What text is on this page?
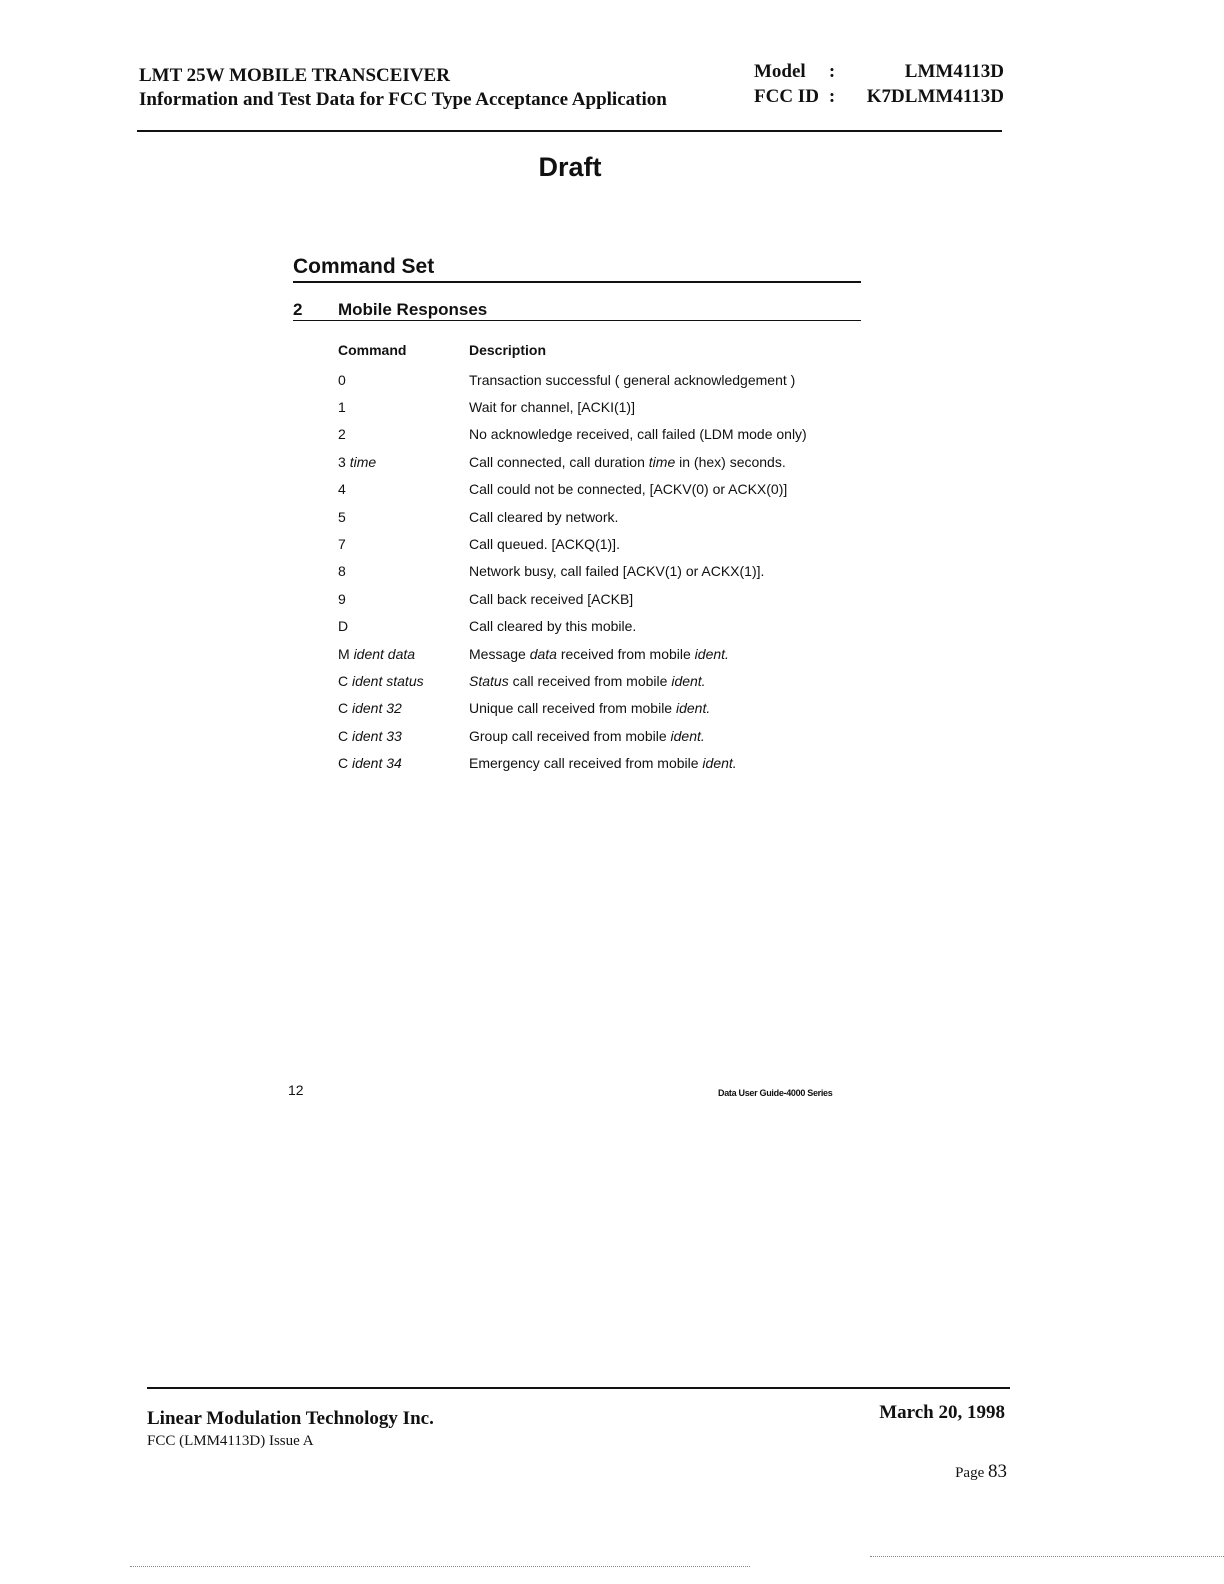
LMT 25W MOBILE TRANSCEIVER
Information and Test Data for FCC Type Acceptance Application
Model	:	LMM4113D
FCC ID :	K7DLMM4113D
Draft
Command Set
2 Mobile Responses
Command	Description
0	Transaction successful ( general acknowledgement )
1	Wait for channel, [ACKI(1)]
2	No acknowledge received, call failed (LDM mode only)
3 time	Call connected, call duration time in (hex) seconds.
4	Call could not be connected, [ACKV(0) or ACKX(0)]
5	Call cleared by network.
7	Call queued. [ACKQ(1)].
8	Network busy, call failed [ACKV(1) or ACKX(1)].
9	Call back received [ACKB]
D	Call cleared by this mobile.
M ident data	Message data received from mobile ident.
C ident status	Status call received from mobile ident.
C ident 32	Unique call received from mobile ident.
C ident 33	Group call received from mobile ident.
C ident 34	Emergency call received from mobile ident.
12	Data User Guide-4000 Series
Linear Modulation Technology Inc.
FCC (LMM4113D) Issue A
March 20, 1998
Page 83
